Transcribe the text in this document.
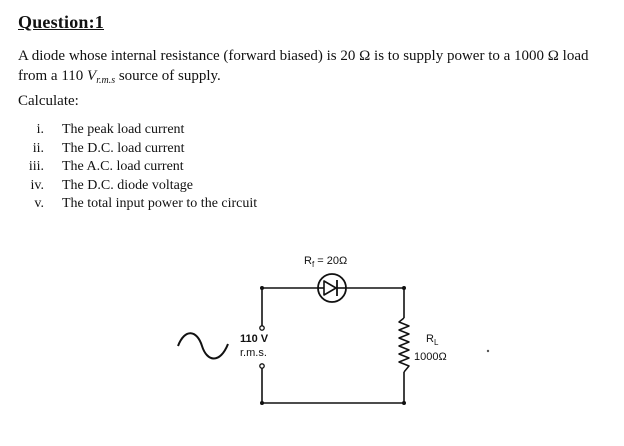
Question:1
A diode whose internal resistance (forward biased) is 20 Ω is to supply power to a 1000 Ω load
from a 110 $V_{r.m.s}$ source of supply.
Calculate:
i. The peak load current
ii. The D.C. load current
iii. The A.C. load current
iv. The D.C. diode voltage
v. The total input power to the circuit
$R_f = 20\Omega$
110 V
r.m.s.
$R_L$
1000Ω
